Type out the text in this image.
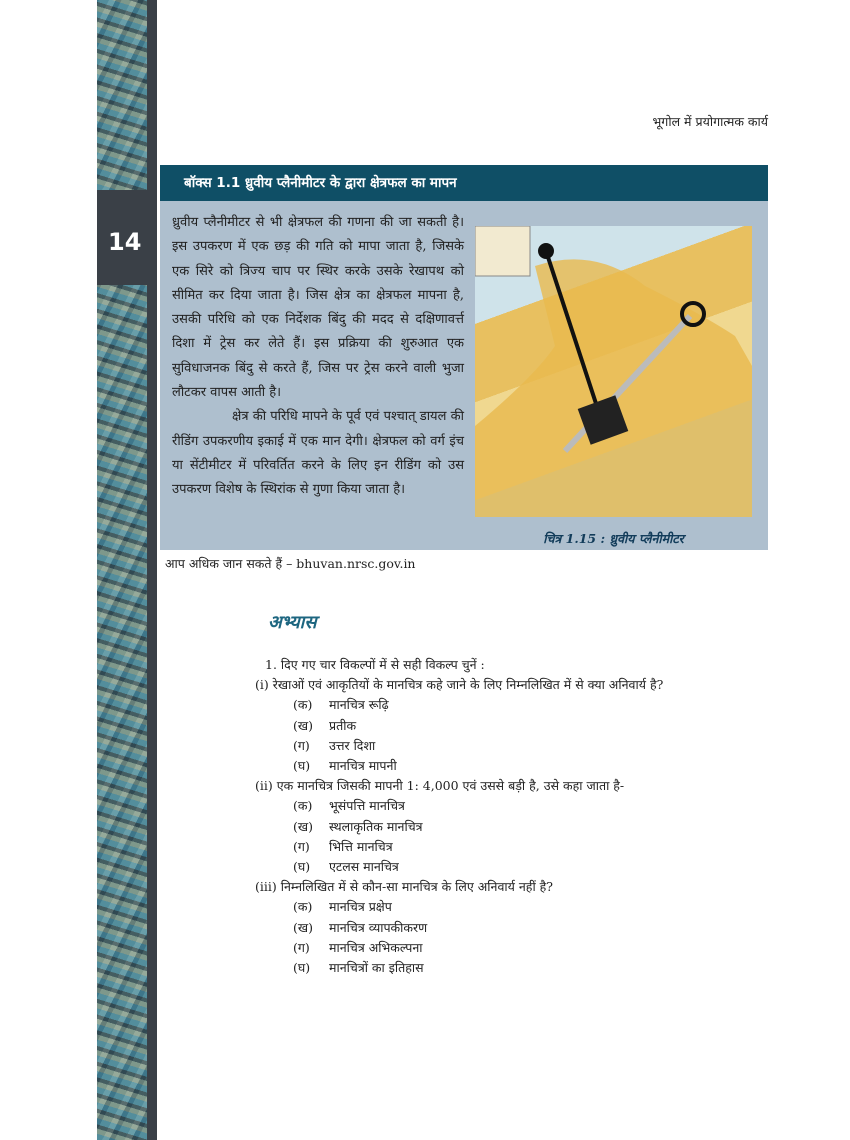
14
भूगोल में प्रयोगात्मक कार्य
बॉक्स 1.1 ध्रुवीय प्लैनीमीटर के द्वारा क्षेत्रफल का मापन

ध्रुवीय प्लैनीमीटर से भी क्षेत्रफल की गणना की जा सकती है। इस उपकरण में एक छड़ की गति को मापा जाता है, जिसके एक सिरे को त्रिज्य चाप पर स्थिर करके उसके रेखापथ को सीमित कर दिया जाता है। जिस क्षेत्र का क्षेत्रफल मापना है, उसकी परिधि को एक निर्देशक बिंदु की मदद से दक्षिणावर्त्त दिशा में ट्रेस कर लेते हैं। इस प्रक्रिया की शुरुआत एक सुविधाजनक बिंदु से करते हैं, जिस पर ट्रेस करने वाली भुजा लौटकर वापस आती है।

क्षेत्र की परिधि मापने के पूर्व एवं पश्चात् डायल की रीडिंग उपकरणीय इकाई में एक मान देगी। क्षेत्रफल को वर्ग इंच या सेंटीमीटर में परिवर्तित करने के लिए इन रीडिंग को उस उपकरण विशेष के स्थिरांक से गुणा किया जाता है।

चित्र 1.15 : ध्रुवीय प्लैनीमीटर
आप अधिक जान सकते हैं – bhuvan.nrsc.gov.in
अभ्यास

1. दिए गए चार विकल्पों में से सही विकल्प चुनें :

(i) रेखाओं एवं आकृतियों के मानचित्र कहे जाने के लिए निम्नलिखित में से क्या अनिवार्य है?

(क) मानचित्र रूढ़ि

(ख) प्रतीक

(ग) उत्तर दिशा

(घ) मानचित्र मापनी

(ii) एक मानचित्र जिसकी मापनी 1: 4,000 एवं उससे बड़ी है, उसे कहा जाता है-

(क) भूसंपत्ति मानचित्र

(ख) स्थलाकृतिक मानचित्र

(ग) भित्ति मानचित्र

(घ) एटलस मानचित्र

(iii) निम्नलिखित में से कौन-सा मानचित्र के लिए अनिवार्य नहीं है?

(क) मानचित्र प्रक्षेप

(ख) मानचित्र व्यापकीकरण

(ग) मानचित्र अभिकल्पना

(घ) मानचित्रों का इतिहास
